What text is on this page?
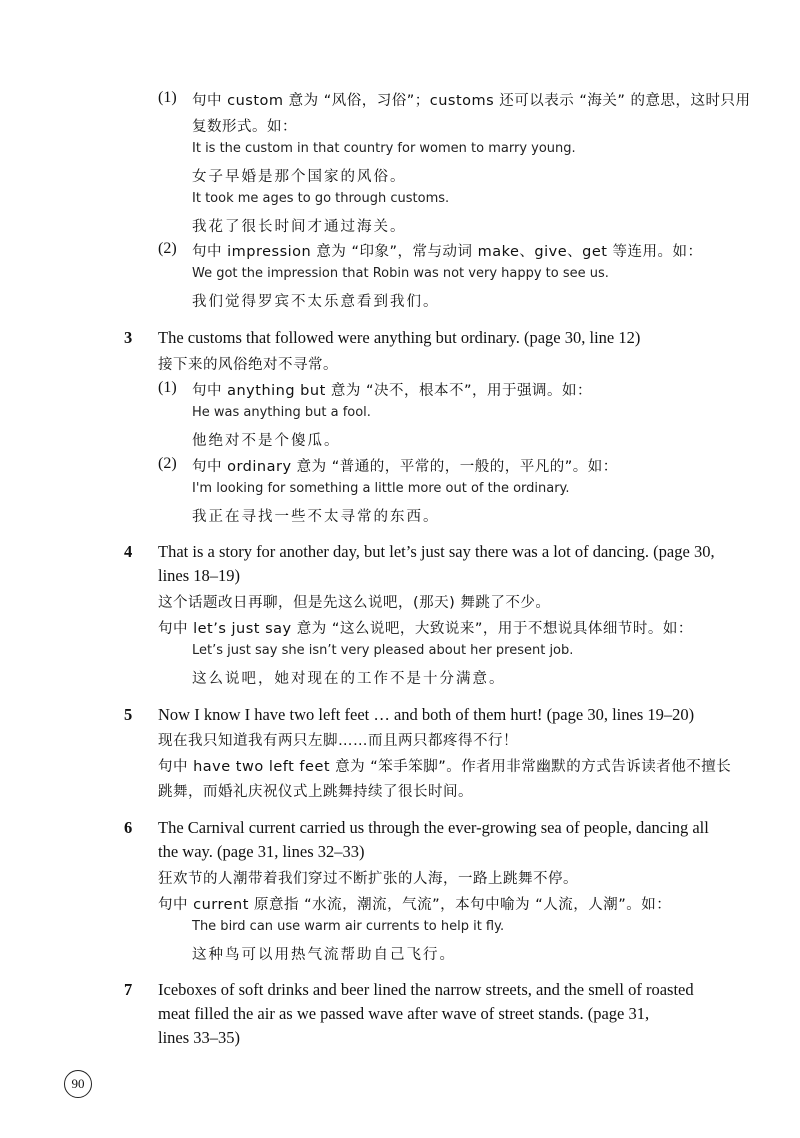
(1) 句中 custom 意为 “风俗，习俗”；customs 还可以表示 “海关” 的意思，这时只用
复数形式。如：
It is the custom in that country for women to marry young.
女子早婚是那个国家的风俗。
It took me ages to go through customs.
我花了很长时间才通过海关。
(2) 句中 impression 意为 “印象”，常与动词 make、give、get 等连用。如：
We got the impression that Robin was not very happy to see us.
我们觉得罗宾不太乐意看到我们。
3 The customs that followed were anything but ordinary. (page 30, line 12)
接下来的风俗绝对不寻常。
(1) 句中 anything but 意为 “决不，根本不”，用于强调。如：
He was anything but a fool.
他绝对不是个傻瓜。
(2) 句中 ordinary 意为 “普通的，平常的，一般的，平凡的”。如：
I'm looking for something a little more out of the ordinary.
我正在寻找一些不太寻常的东西。
4 That is a story for another day, but let’s just say there was a lot of dancing. (page 30,
lines 18–19)
这个话题改日再聊，但是先这么说吧，(那天) 舞跳了不少。
句中 let’s just say 意为 “这么说吧，大致说来”，用于不想说具体细节时。如：
Let’s just say she isn’t very pleased about her present job.
这么说吧，她对现在的工作不是十分满意。
5 Now I know I have two left feet … and both of them hurt! (page 30, lines 19–20)
现在我只知道我有两只左脚……而且两只都疼得不行！
句中 have two left feet 意为 “笨手笨脚”。作者用非常幽默的方式告诉读者他不擅长
跳舞，而婚礼庆祝仪式上跳舞持续了很长时间。
6 The Carnival current carried us through the ever-growing sea of people, dancing all
the way. (page 31, lines 32–33)
狂欢节的人潮带着我们穿过不断扩张的人海，一路上跳舞不停。
句中 current 原意指 “水流，潮流，气流”，本句中喻为 “人流，人潮”。如：
The bird can use warm air currents to help it fly.
这种鸟可以用热气流帮助自己飞行。
7 Iceboxes of soft drinks and beer lined the narrow streets, and the smell of roasted
meat filled the air as we passed wave after wave of street stands. (page 31,
lines 33–35)
90
